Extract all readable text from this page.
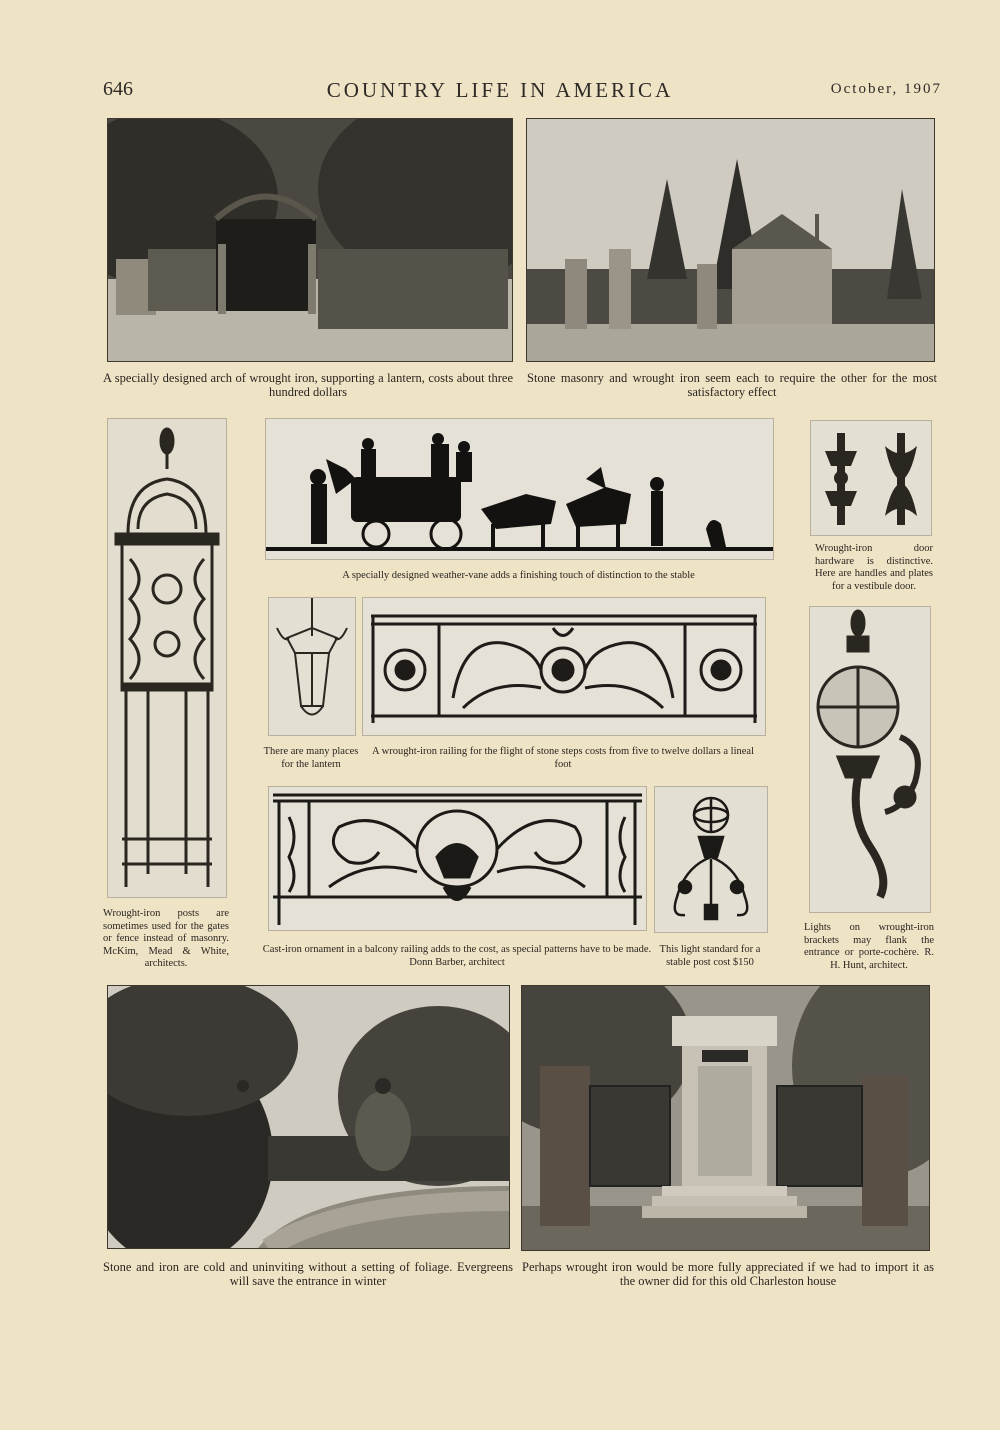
646	COUNTRY LIFE IN AMERICA	October, 1907
A specially designed arch of wrought iron, supporting a lantern, costs about three hundred dollars
Stone masonry and wrought iron seem each to require the other for the most satisfactory effect
Wrought-iron posts are sometimes used for the gates or fence instead of masonry. McKim, Mead & White, architects.
A specially designed weather-vane adds a finishing touch of distinction to the stable
Wrought-iron door hardware is distinctive. Here are handles and plates for a vestibule door.
There are many places for the lantern
A wrought-iron railing for the flight of stone steps costs from five to twelve dollars a lineal foot
Lights on wrought-iron brackets may flank the entrance or porte-cochère. R. H. Hunt, architect.
Cast-iron ornament in a balcony railing adds to the cost, as special patterns have to be made. Donn Barber, architect
This light standard for a stable post cost $150
Stone and iron are cold and uninviting without a setting of foliage. Evergreens will save the entrance in winter
Perhaps wrought iron would be more fully appreciated if we had to import it as the owner did for this old Charleston house
